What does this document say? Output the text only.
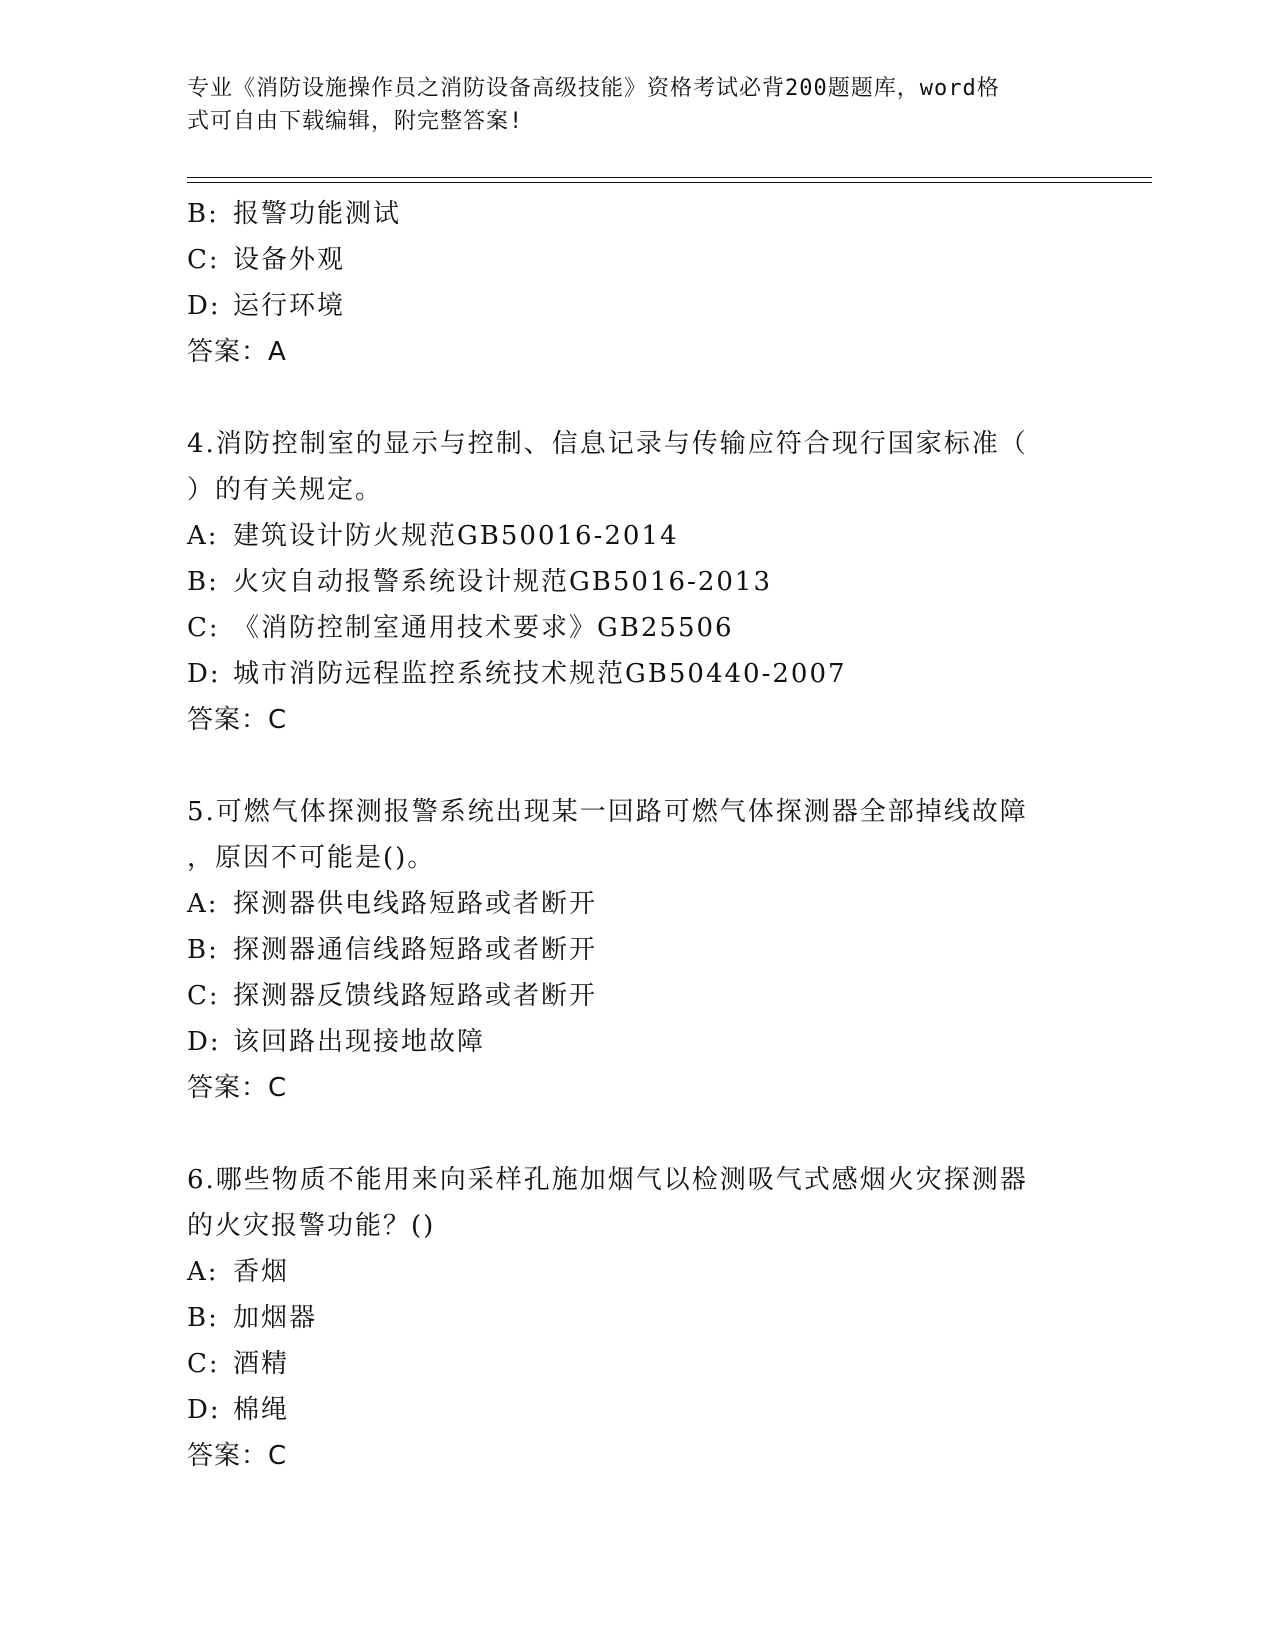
专业《消防设施操作员之消防设备高级技能》资格考试必背200题题库，word格
式可自由下载编辑，附完整答案!
B: 报警功能测试
C: 设备外观
D: 运行环境
答案：A
4.消防控制室的显示与控制、信息记录与传输应符合现行国家标准（
）的有关规定。
A: 建筑设计防火规范GB50016-2014
B: 火灾自动报警系统设计规范GB5016-2013
C: 《消防控制室通用技术要求》GB25506
D: 城市消防远程监控系统技术规范GB50440-2007
答案：C
5.可燃气体探测报警系统出现某一回路可燃气体探测器全部掉线故障
，原因不可能是()。
A: 探测器供电线路短路或者断开
B: 探测器通信线路短路或者断开
C: 探测器反馈线路短路或者断开
D: 该回路出现接地故障
答案：C
6.哪些物质不能用来向采样孔施加烟气以检测吸气式感烟火灾探测器
的火灾报警功能？()
A: 香烟
B: 加烟器
C: 酒精
D: 棉绳
答案：C
